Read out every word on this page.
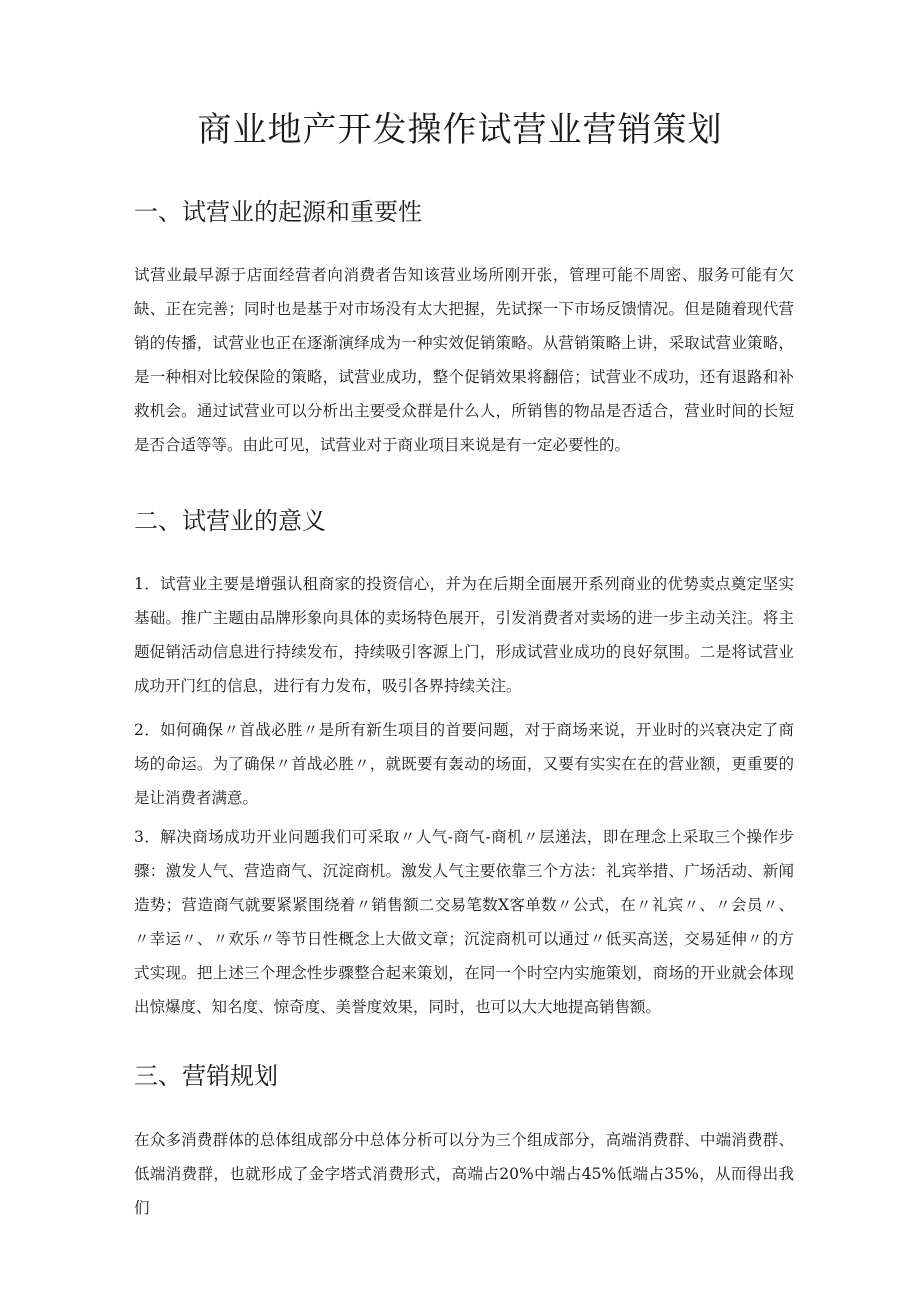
商业地产开发操作试营业营销策划
一、试营业的起源和重要性

试营业最早源于店面经营者向消费者告知该营业场所刚开张，管理可能不周密、服务可能有欠缺、正在完善；同时也是基于对市场没有太大把握，先试探一下市场反馈情况。但是随着现代营销的传播，试营业也正在逐渐演绎成为一种实效促销策略。从营销策略上讲，采取试营业策略，是一种相对比较保险的策略，试营业成功，整个促销效果将翻倍；试营业不成功，还有退路和补救机会。通过试营业可以分析出主要受众群是什么人，所销售的物品是否适合，营业时间的长短是否合适等等。由此可见，试营业对于商业项目来说是有一定必要性的。

二、试营业的意义

1．试营业主要是增强认租商家的投资信心，并为在后期全面展开系列商业的优势卖点奠定坚实基础。推广主题由品牌形象向具体的卖场特色展开，引发消费者对卖场的进一步主动关注。将主题促销活动信息进行持续发布，持续吸引客源上门，形成试营业成功的良好氛围。二是将试营业成功开门红的信息，进行有力发布，吸引各界持续关注。

2．如何确保〃首战必胜〃是所有新生项目的首要问题，对于商场来说，开业时的兴衰决定了商场的命运。为了确保〃首战必胜〃，就既要有轰动的场面，又要有实实在在的营业额，更重要的是让消费者满意。

3．解决商场成功开业问题我们可采取〃人气-商气-商机〃层递法，即在理念上采取三个操作步骤：激发人气、营造商气、沉淀商机。激发人气主要依靠三个方法：礼宾举措、广场活动、新闻造势；营造商气就要紧紧围绕着〃销售额二交易笔数X客单数〃公式，在〃礼宾〃、〃会员〃、〃幸运〃、〃欢乐〃等节日性概念上大做文章；沉淀商机可以通过〃低买高送，交易延伸〃的方式实现。把上述三个理念性步骤整合起来策划，在同一个时空内实施策划，商场的开业就会体现出惊爆度、知名度、惊奇度、美誉度效果，同时，也可以大大地提高销售额。

三、营销规划

在众多消费群体的总体组成部分中总体分析可以分为三个组成部分，高端消费群、中端消费群、低端消费群，也就形成了金字塔式消费形式，高端占20%中端占45%低端占35%，从而得出我们
